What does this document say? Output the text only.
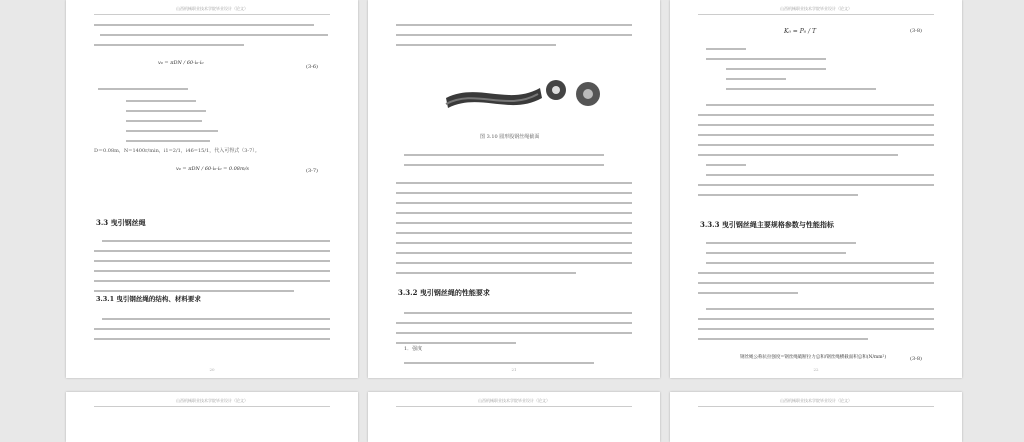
山西机械职业技术学院毕业设计（论文）
v₀ = πDN / 60·i₀·i₀
(3-6)
D＝0.08m，N=1400r/min，i1=2/1，i46=15/1，代入可得式（3-7）。
v₀ = πDN / 60·i₀·i₀ = 0.08m/s	(3-7)
3.3 曳引钢丝绳
3.3.1 曳引钢丝绳的结构、材料要求
20
图 3.10 圆形股钢丝绳截面
3.3.2 曳引钢丝绳的性能要求
1．强度
21
山西机械职业技术学院毕业设计（论文）
K₀ = P₀ / T	(3-8)
3.3.3 曳引钢丝绳主要规格参数与性能指标
钢丝绳公称抗拉强度=钢丝绳破断拉力总和/钢丝绳横截面积总和(N/mm²)	(3-8)
22
山西机械职业技术学院毕业设计（论文）	山西机械职业技术学院毕业设计（论文）	山西机械职业技术学院毕业设计（论文）
